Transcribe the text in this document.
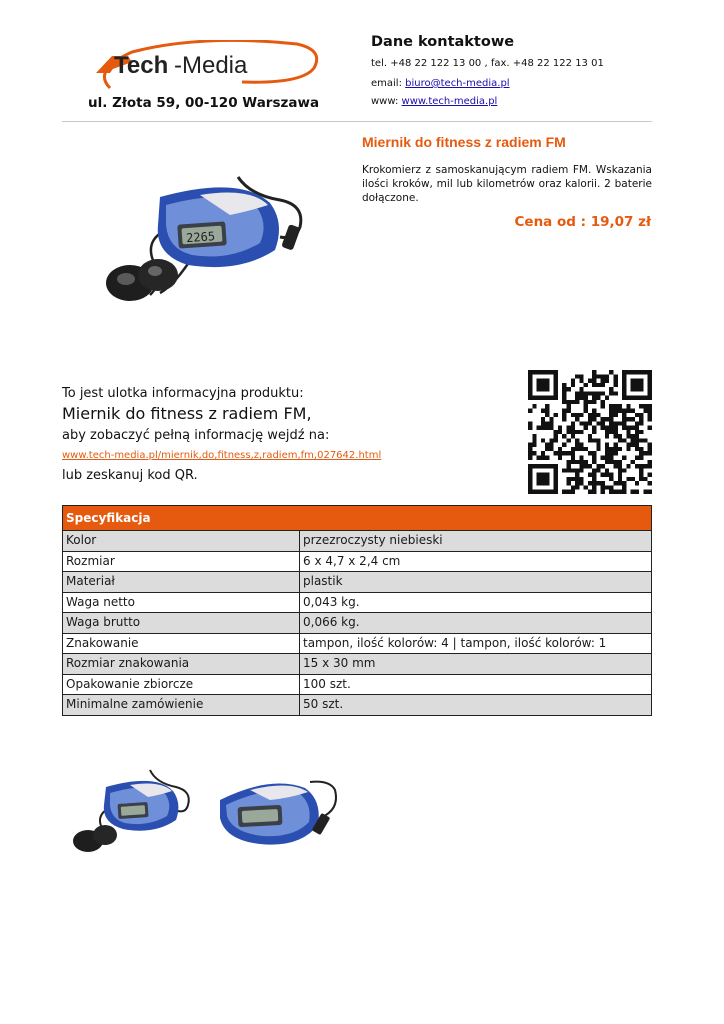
Tech -Media
ul. Złota 59, 00-120 Warszawa
Dane kontaktowe
tel. +48 22 122 13 00 , fax. +48 22 122 13 01
email: biuro@tech-media.pl
www: www.tech-media.pl
2265
Miernik do fitness z radiem FM
Krokomierz z samoskanującym radiem FM. Wskazania ilości kroków, mil lub kilometrów oraz kalorii. 2 baterie dołączone.
Cena od : 19,07 zł
To jest ulotka informacyjna produktu:
Miernik do fitness z radiem FM,
aby zobaczyć pełną informację wejdź na:
www.tech-media.pl/miernik,do,fitness,z,radiem,fm,027642.html
lub zeskanuj kod QR.
Specyfikacja
Kolor	przezroczysty niebieski
Rozmiar	6 x 4,7 x 2,4 cm
Materiał	plastik
Waga netto	0,043 kg.
Waga brutto	0,066 kg.
Znakowanie	tampon, ilość kolorów: 4 | tampon, ilość kolorów: 1
Rozmiar znakowania	15 x 30 mm
Opakowanie zbiorcze	100 szt.
Minimalne zamówienie	50 szt.
